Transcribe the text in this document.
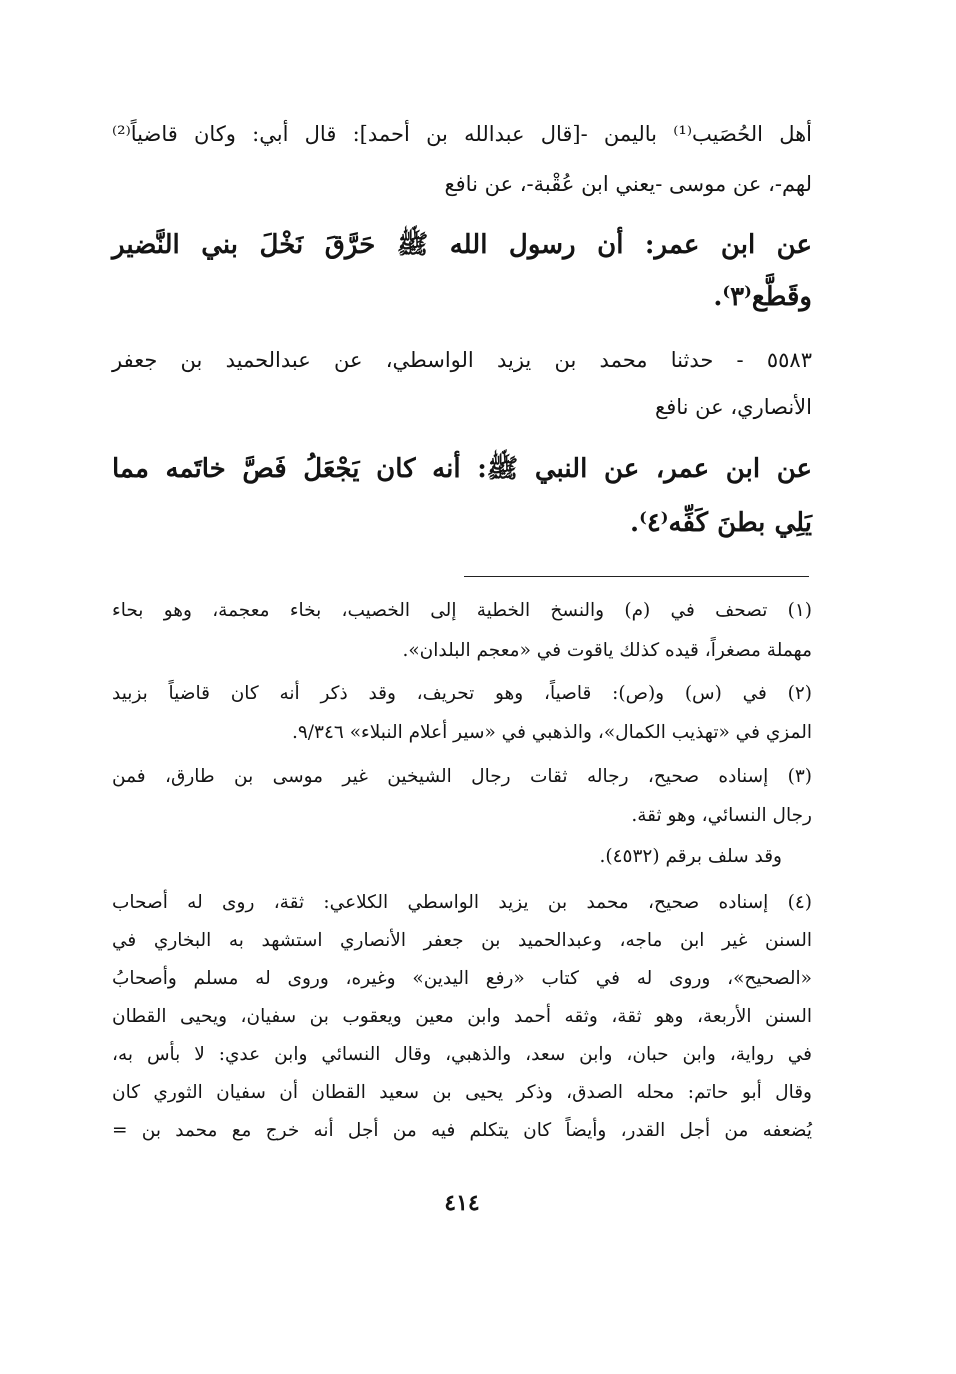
أهل الحُصَيب⁽¹⁾ باليمن -[قال عبدالله بن أحمد]: قال أبي: وكان قاضياً⁽²⁾
لهم-، عن موسى -يعني ابن عُقْبة-، عن نافع
عن ابن عمر: أن رسول الله ﷺ حَرَّقَ نَخْلَ بني النَّضير
وقَطَّع⁽٣⁾.
٥٥٨٣ - حدثنا محمد بن يزيد الواسطي، عن عبدالحميد بن جعفر
الأنصاري، عن نافع
عن ابن عمر، عن النبي ﷺ: أنه كان يَجْعَلُ فَصَّ خاتَمه مما
يَلِي بطنَ كَفِّه⁽٤⁾.
(١) تصحف في (م) والنسخ الخطية إلى الخصيب، بخاء معجمة، وهو بحاء
مهملة مصغراً، قيده كذلك ياقوت في «معجم البلدان».
(٢) في (س) و(ص): قاصياً، وهو تحريف، وقد ذكر أنه كان قاضياً بزبيد
المزي في «تهذيب الكمال»، والذهبي في «سير أعلام النبلاء» ٩/٣٤٦.
(٣) إسناده صحيح، رجاله ثقات رجال الشيخين غير موسى بن طارق، فمن
رجال النسائي، وهو ثقة.
وقد سلف برقم (٤٥٣٢).
(٤) إسناده صحيح، محمد بن يزيد الواسطي الكلاعي: ثقة، روى له أصحاب
السنن غير ابن ماجه، وعبدالحميد بن جعفر الأنصاري استشهد به البخاري في
«الصحيح»، وروى له في كتاب «رفع اليدين» وغيره، وروى له مسلم وأصحابُ
السنن الأربعة، وهو ثقة، وثقه أحمد وابن معين ويعقوب بن سفيان، ويحيى القطان
في رواية، وابن حبان، وابن سعد، والذهبي، وقال النسائي وابن عدي: لا بأس به،
وقال أبو حاتم: محله الصدق، وذكر يحيى بن سعيد القطان أن سفيان الثوري كان
يُضعفه من أجل القدر، وأيضاً كان يتكلم فيه من أجل أنه خرج مع محمد بن =
٤١٤
